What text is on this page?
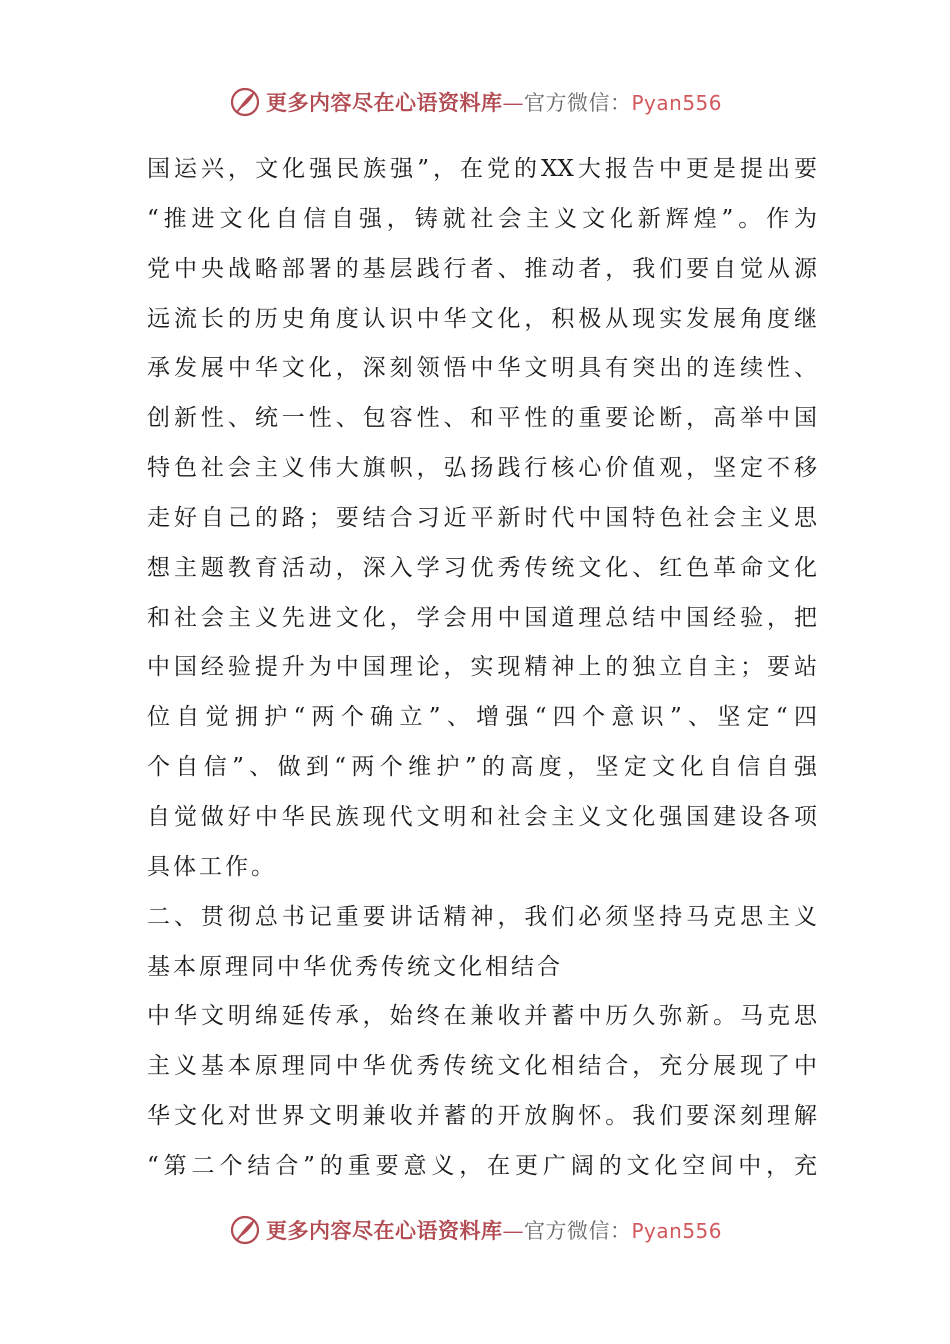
更多内容尽在心语资料库—官方微信：Pyan556
国运兴，文化强民族强”，在党的XX大报告中更是提出要
“推进文化自信自强，铸就社会主义文化新辉煌”。作为
党中央战略部署的基层践行者、推动者，我们要自觉从源
远流长的历史角度认识中华文化，积极从现实发展角度继
承发展中华文化，深刻领悟中华文明具有突出的连续性、
创新性、统一性、包容性、和平性的重要论断，高举中国
特色社会主义伟大旗帜，弘扬践行核心价值观，坚定不移
走好自己的路；要结合习近平新时代中国特色社会主义思
想主题教育活动，深入学习优秀传统文化、红色革命文化
和社会主义先进文化，学会用中国道理总结中国经验，把
中国经验提升为中国理论，实现精神上的独立自主；要站
位自觉拥护“两个确立”、增强“四个意识”、坚定“四
个自信”、做到“两个维护”的高度，坚定文化自信自强
自觉做好中华民族现代文明和社会主义文化强国建设各项
具体工作。
二、贯彻总书记重要讲话精神，我们必须坚持马克思主义
基本原理同中华优秀传统文化相结合
中华文明绵延传承，始终在兼收并蓄中历久弥新。马克思
主义基本原理同中华优秀传统文化相结合，充分展现了中
华文化对世界文明兼收并蓄的开放胸怀。我们要深刻理解
“第二个结合”的重要意义，在更广阔的文化空间中，充
更多内容尽在心语资料库—官方微信：Pyan556
